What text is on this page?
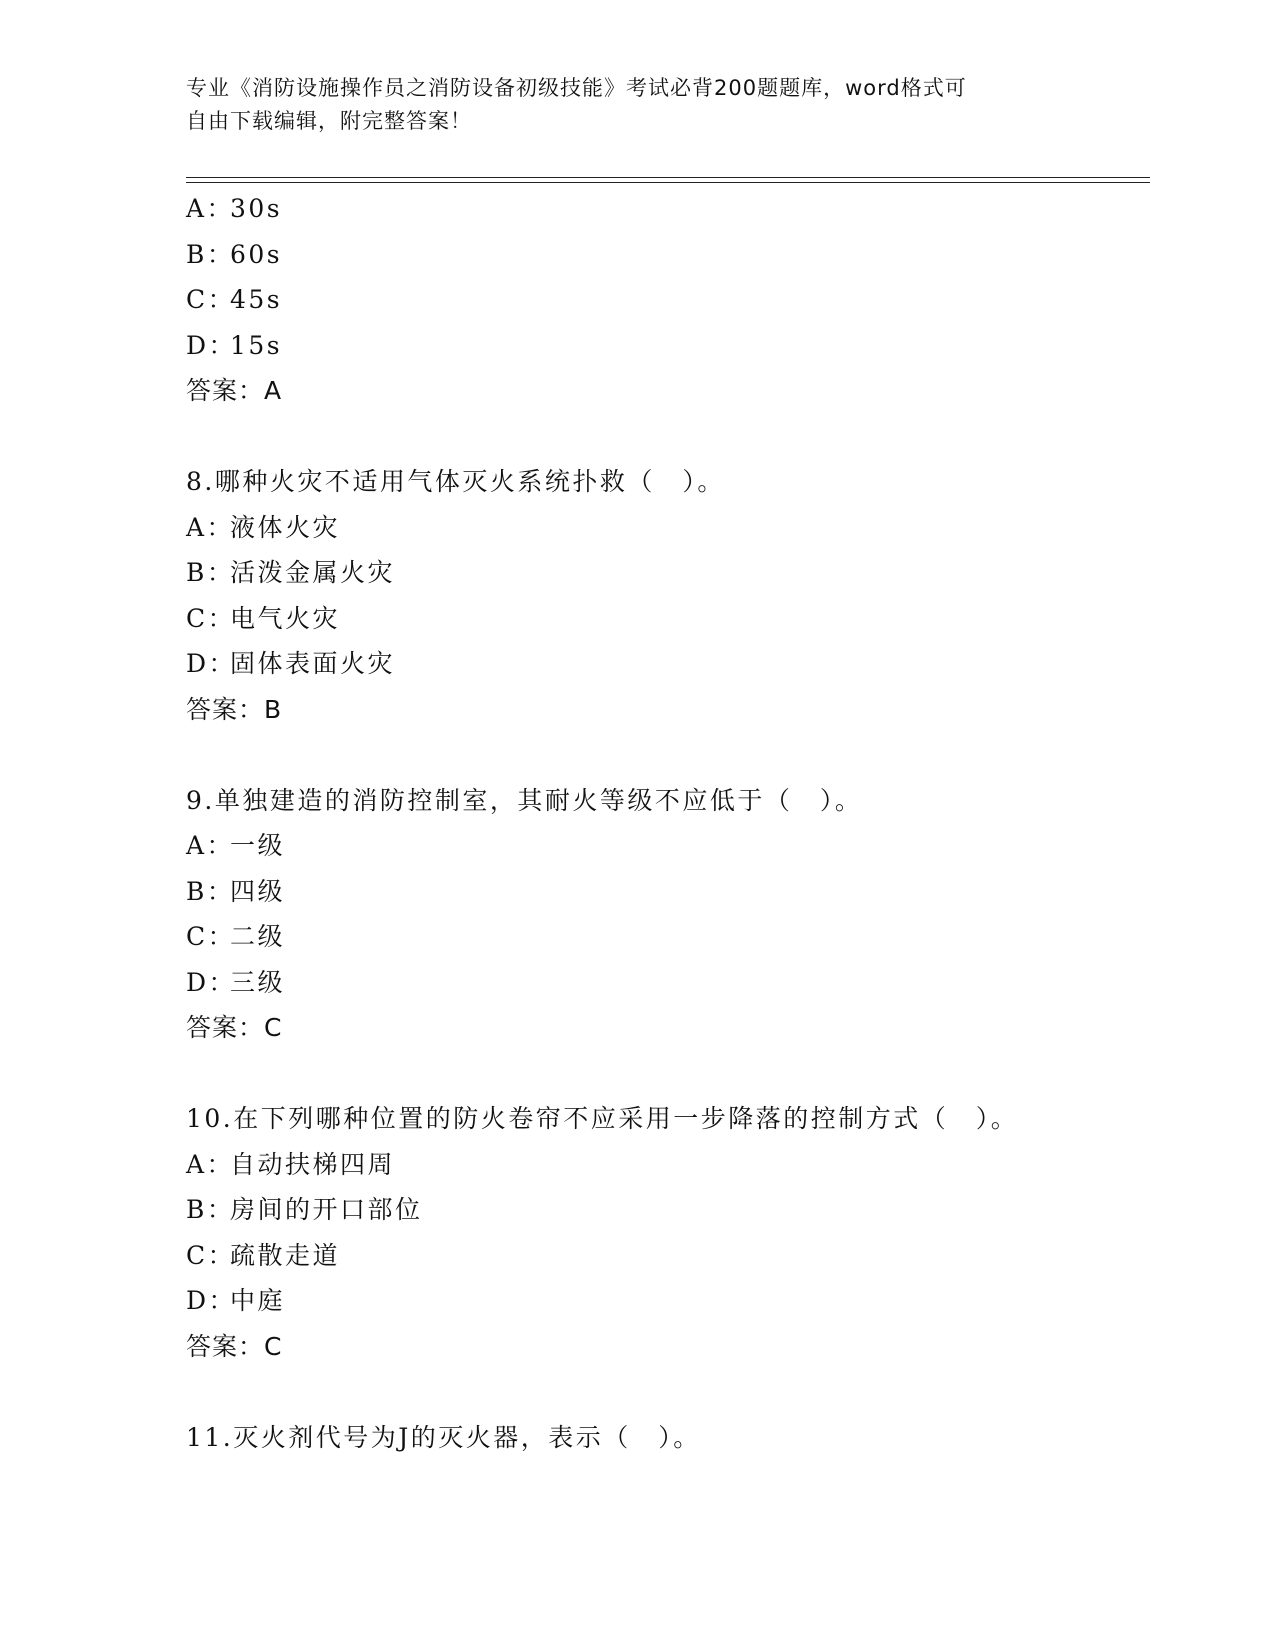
专业《消防设施操作员之消防设备初级技能》考试必背200题题库，word格式可
自由下载编辑，附完整答案！
A：30s
B：60s
C：45s
D：15s
答案：A
8.哪种火灾不适用气体灭火系统扑救（　）。
A：液体火灾
B：活泼金属火灾
C：电气火灾
D：固体表面火灾
答案：B
9.单独建造的消防控制室，其耐火等级不应低于（　）。
A：一级
B：四级
C：二级
D：三级
答案：C
10.在下列哪种位置的防火卷帘不应采用一步降落的控制方式（　）。
A：自动扶梯四周
B：房间的开口部位
C：疏散走道
D：中庭
答案：C
11.灭火剂代号为J的灭火器，表示（　）。
